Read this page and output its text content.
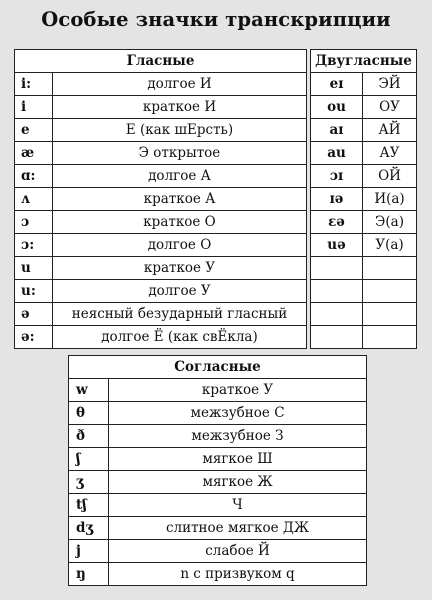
Особые значки транскрипции
Гласные			Двугласные	
i:	долгое И		eɪ	ЭЙ
i	краткое И		ou	ОУ
e	Е (как шЕрсть)		aɪ	АЙ
æ	Э открытое		au	АУ
ɑ:	долгое А		ɔɪ	ОЙ
ʌ	краткое А		ɪə	И(а)
ɔ	краткое О		ɛə	Э(а)
ɔ:	долгое О		uə	У(а)
u	краткое У			
u:	долгое У			
ə	неясный безударный гласный			
ə:	долгое Ё (как свЁкла)			
Согласные	
w	краткое У
θ	межзубное С
ð	межзубное З
ʃ	мягкое Ш
ʒ	мягкое Ж
tʃ	Ч
dʒ	слитное мягкое ДЖ
j	слабое Й
ŋ	n с призвуком q
